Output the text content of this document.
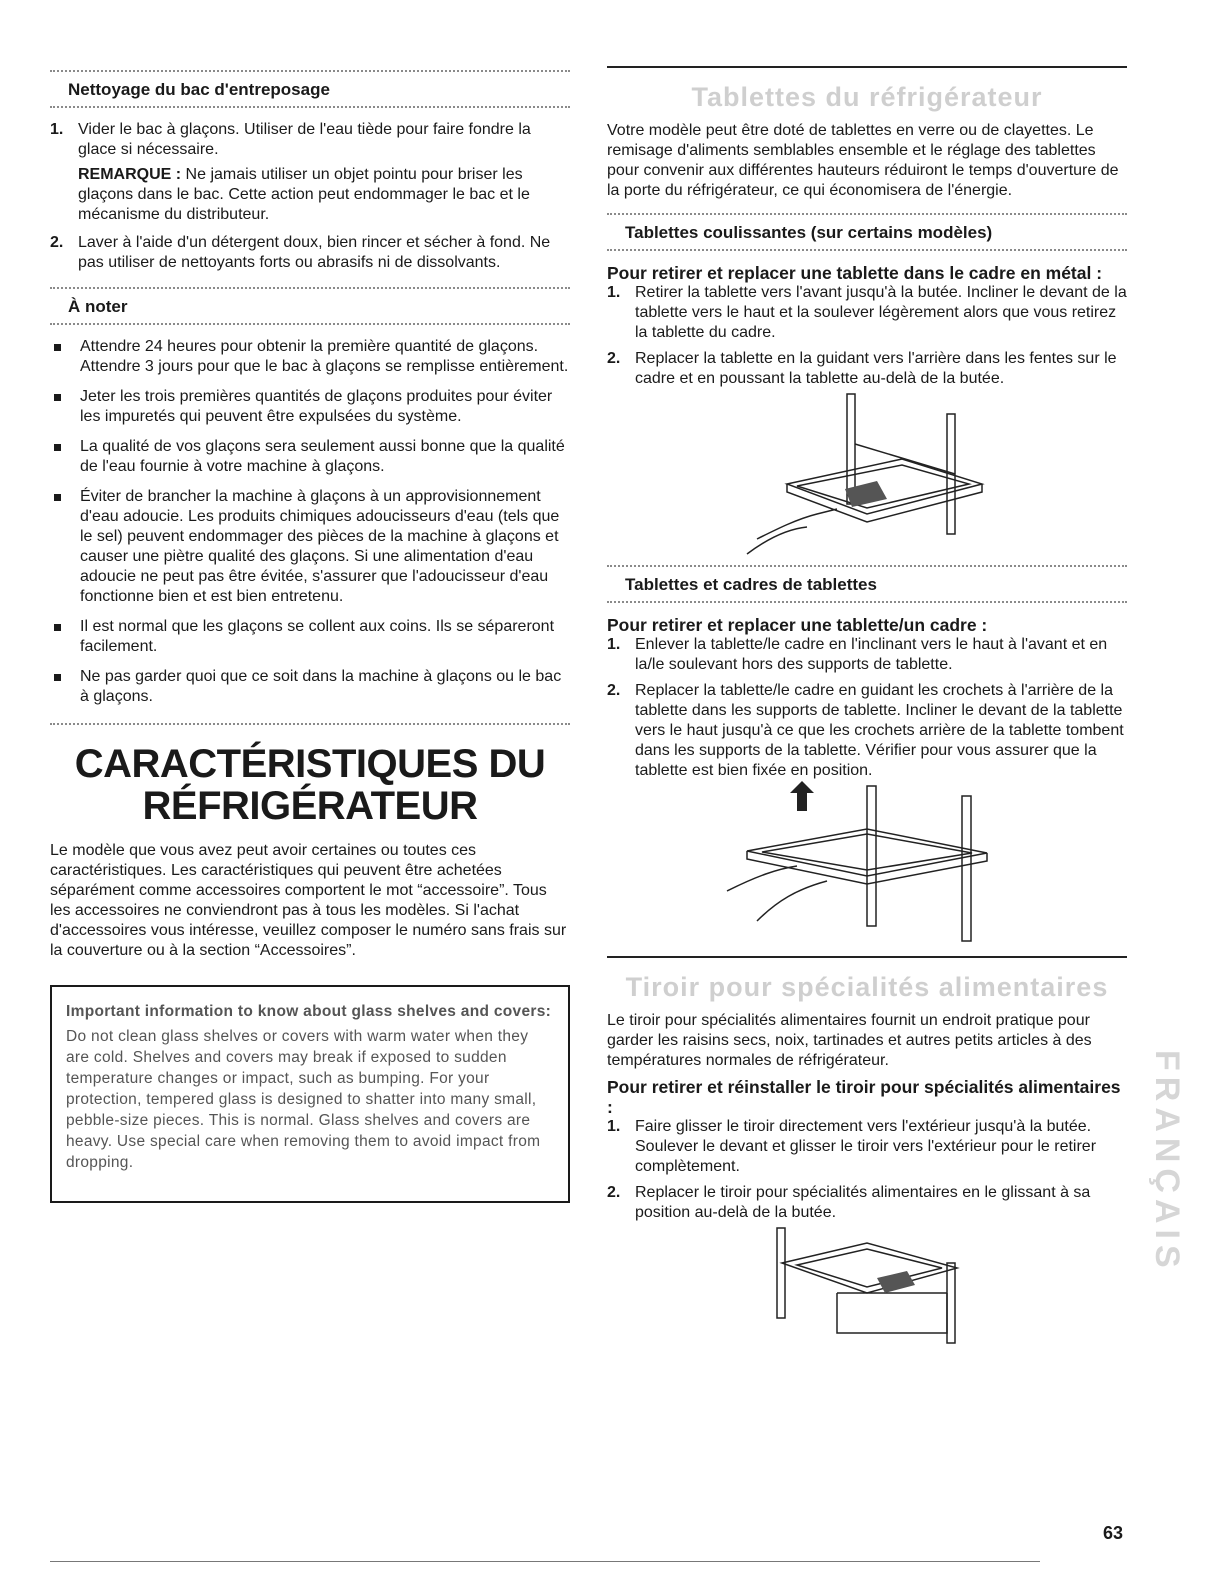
Nettoyage du bac d'entreposage
1. Vider le bac à glaçons. Utiliser de l'eau tiède pour faire fondre la glace si nécessaire.
REMARQUE : Ne jamais utiliser un objet pointu pour briser les glaçons dans le bac. Cette action peut endommager le bac et le mécanisme du distributeur.
2. Laver à l'aide d'un détergent doux, bien rincer et sécher à fond. Ne pas utiliser de nettoyants forts ou abrasifs ni de dissolvants.
À noter
Attendre 24 heures pour obtenir la première quantité de glaçons. Attendre 3 jours pour que le bac à glaçons se remplisse entièrement.
Jeter les trois premières quantités de glaçons produites pour éviter les impuretés qui peuvent être expulsées du système.
La qualité de vos glaçons sera seulement aussi bonne que la qualité de l'eau fournie à votre machine à glaçons.
Éviter de brancher la machine à glaçons à un approvisionnement d'eau adoucie. Les produits chimiques adoucisseurs d'eau (tels que le sel) peuvent endommager des pièces de la machine à glaçons et causer une piètre qualité des glaçons. Si une alimentation d'eau adoucie ne peut pas être évitée, s'assurer que l'adoucisseur d'eau fonctionne bien et est bien entretenu.
Il est normal que les glaçons se collent aux coins. Ils se sépareront facilement.
Ne pas garder quoi que ce soit dans la machine à glaçons ou le bac à glaçons.

CARACTÉRISTIQUES DU

RÉFRIGÉRATEUR

Le modèle que vous avez peut avoir certaines ou toutes ces caractéristiques. Les caractéristiques qui peuvent être achetées séparément comme accessoires comportent le mot “accessoire”. Tous les accessoires ne conviendront pas à tous les modèles. Si l'achat d'accessoires vous intéresse, veuillez composer le numéro sans frais sur la couverture ou à la section “Accessoires”.

Important information to know about glass shelves and covers:
Do not clean glass shelves or covers with warm water when they are cold. Shelves and covers may break if exposed to sudden temperature changes or impact, such as bumping. For your protection, tempered glass is designed to shatter into many small, pebble-size pieces. This is normal. Glass shelves and covers are heavy. Use special care when removing them to avoid impact from dropping.

Tablettes du réfrigérateur

Votre modèle peut être doté de tablettes en verre ou de clayettes. Le remisage d'aliments semblables ensemble et le réglage des tablettes pour convenir aux différentes hauteurs réduiront le temps d'ouverture de la porte du réfrigérateur, ce qui économisera de l'énergie.

Tablettes coulissantes (sur certains modèles)

Pour retirer et replacer une tablette dans le cadre en métal :

1. Retirer la tablette vers l'avant jusqu'à la butée. Incliner le devant de la tablette vers le haut et la soulever légèrement alors que vous retirez la tablette du cadre.
2. Replacer la tablette en la guidant vers l'arrière dans les fentes sur le cadre et en poussant la tablette au-delà de la butée.
Tablettes et cadres de tablettes

Pour retirer et replacer une tablette/un cadre :

1. Enlever la tablette/le cadre en l'inclinant vers le haut à l'avant et en la/le soulevant hors des supports de tablette.
2. Replacer la tablette/le cadre en guidant les crochets à l'arrière de la tablette dans les supports de tablette. Incliner le devant de la tablette vers le haut jusqu'à ce que les crochets arrière de la tablette tombent dans les supports de la tablette. Vérifier pour vous assurer que la tablette est bien fixée en position.

Tiroir pour spécialités alimentaires

Le tiroir pour spécialités alimentaires fournit un endroit pratique pour garder les raisins secs, noix, tartinades et autres petits articles à des températures normales de réfrigérateur.

Pour retirer et réinstaller le tiroir pour spécialités alimentaires :

1. Faire glisser le tiroir directement vers l'extérieur jusqu'à la butée. Soulever le devant et glisser le tiroir vers l'extérieur pour le retirer complètement.
2. Replacer le tiroir pour spécialités alimentaires en le glissant à sa position au-delà de la butée.	FRANÇAIS
63
